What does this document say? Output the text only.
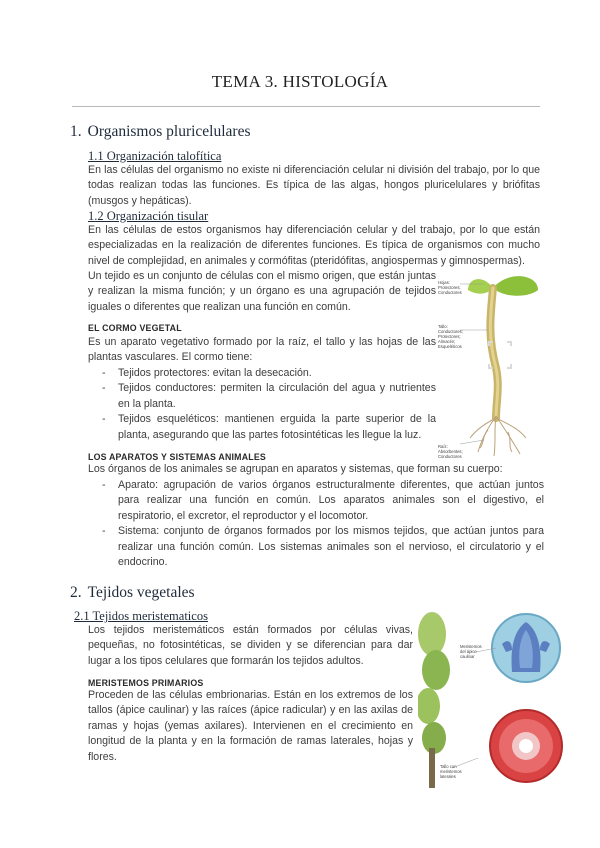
TEMA 3. HISTOLOGÍA
1. Organismos pluricelulares
1.1 Organización talofítica

En las células del organismo no existe ni diferenciación celular ni división del trabajo, por lo que todas realizan todas las funciones. Es típica de las algas, hongos pluricelulares y briófitas (musgos y hepáticas).

1.2 Organización tisular

En las células de estos organismos hay diferenciación celular y del trabajo, por lo que están especializadas en la realización de diferentes funciones. Es típica de organismos con mucho nivel de complejidad, en animales y cormófitas (pteridófitas, angiospermas y gimnospermas).

Un tejido es un conjunto de células con el mismo origen, que están juntas y realizan la misma función; y un órgano es una agrupación de tejidos iguales o diferentes que realizan una función en común.

EL CORMO VEGETAL

Es un aparato vegetativo formado por la raíz, el tallo y las hojas de las plantas vasculares. El cormo tiene:

- Tejidos protectores: evitan la desecación.
- Tejidos conductores: permiten la circulación del agua y nutrientes en la planta.
- Tejidos esqueléticos: mantienen erguida la parte superior de la planta, asegurando que las partes fotosintéticas les llegue la luz.
LOS APARATOS Y SISTEMAS ANIMALES

Los órganos de los animales se agrupan en aparatos y sistemas, que forman su cuerpo:

- Aparato: agrupación de varios órganos estructuralmente diferentes, que actúan juntos para realizar una función en común. Los aparatos animales son el digestivo, el respiratorio, el excretor, el reproductor y el locomotor.
- Sistema: conjunto de órganos formados por los mismos tejidos, que actúan juntos para realizar una función común. Los sistemas animales son el nervioso, el circulatorio y el endocrino.
Hojas: Protectores; Conductores
Tallo: Conductores; Protectores; Almacén; Esqueléticos
Raíz: Absorbentes; Conductores
2. Tejidos vegetales
2.1 Tejidos meristematicos

Los tejidos meristemáticos están formados por células vivas, pequeñas, no fotosintéticas, se dividen y se diferencian para dar lugar a los tipos celulares que formarán los tejidos adultos.

MERISTEMOS PRIMARIOS

Proceden de las células embrionarias. Están en los extremos de los tallos (ápice caulinar) y las raíces (ápice radicular) y en las axilas de ramas y hojas (yemas axilares). Intervienen en el crecimiento en longitud de la planta y en la formación de ramas laterales, hojas y flores.

Meristemos del ápice caulinar
Tallo con meristemos laterales
